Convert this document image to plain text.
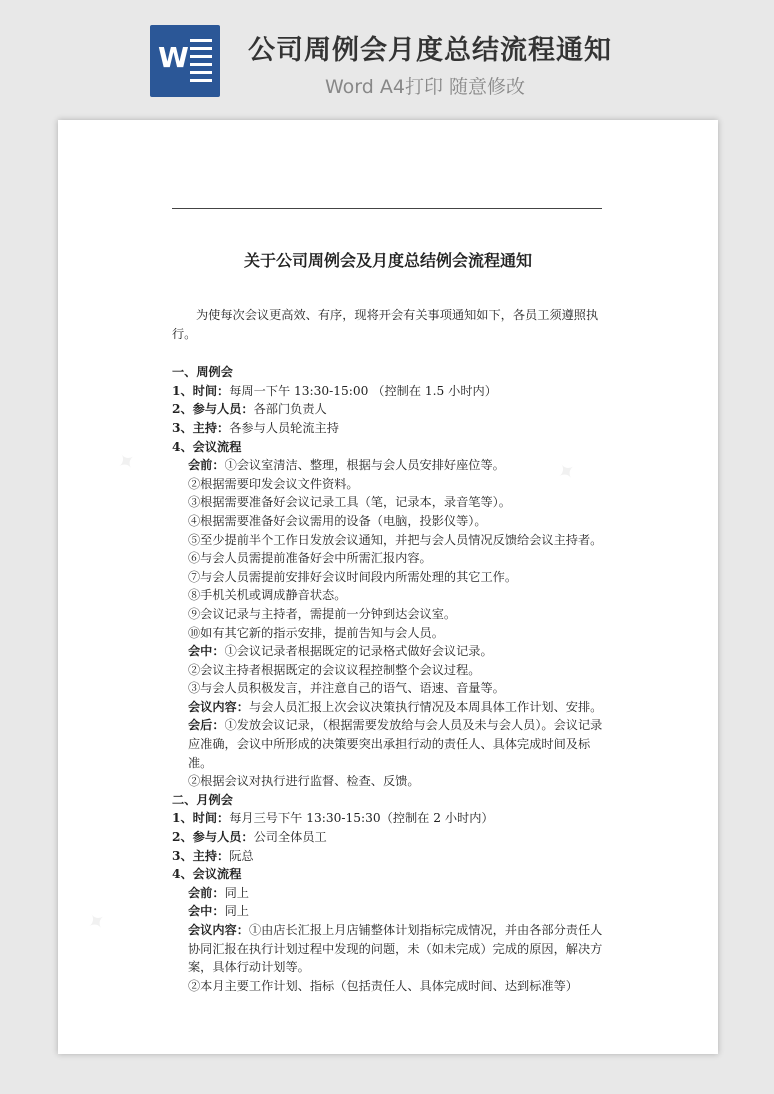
W 公司周例会月度总结流程通知
Word A4打印 随意修改
✦	✦
✦
关于公司周例会及月度总结例会流程通知

为使每次会议更高效、有序，现将开会有关事项通知如下，各员工须遵照执行。

一、周例会

1、时间：每周一下午 13:30-15:00 （控制在 1.5 小时内）

2、参与人员：各部门负责人

3、主持：各参与人员轮流主持

4、会议流程

会前：①会议室清洁、整理，根据与会人员安排好座位等。

②根据需要印发会议文件资料。

③根据需要准备好会议记录工具（笔，记录本，录音笔等）。

④根据需要准备好会议需用的设备（电脑，投影仪等）。

⑤至少提前半个工作日发放会议通知，并把与会人员情况反馈给会议主持者。

⑥与会人员需提前准备好会中所需汇报内容。

⑦与会人员需提前安排好会议时间段内所需处理的其它工作。

⑧手机关机或调成静音状态。

⑨会议记录与主持者，需提前一分钟到达会议室。

⑩如有其它新的指示安排，提前告知与会人员。

会中：①会议记录者根据既定的记录格式做好会议记录。

②会议主持者根据既定的会议议程控制整个会议过程。

③与会人员积极发言，并注意自己的语气、语速、音量等。

会议内容：与会人员汇报上次会议决策执行情况及本周具体工作计划、安排。

会后：①发放会议记录，（根据需要发放给与会人员及未与会人员）。会议记录应准确，会议中所形成的决策要突出承担行动的责任人、具体完成时间及标准。

②根据会议对执行进行监督、检查、反馈。

二、月例会

1、时间：每月三号下午 13:30-15:30（控制在 2 小时内）

2、参与人员：公司全体员工

3、主持：阮总

4、会议流程

会前：同上

会中：同上

会议内容：①由店长汇报上月店铺整体计划指标完成情况，并由各部分责任人协同汇报在执行计划过程中发现的问题，未（如未完成）完成的原因，解决方案，具体行动计划等。

②本月主要工作计划、指标（包括责任人、具体完成时间、达到标准等）
